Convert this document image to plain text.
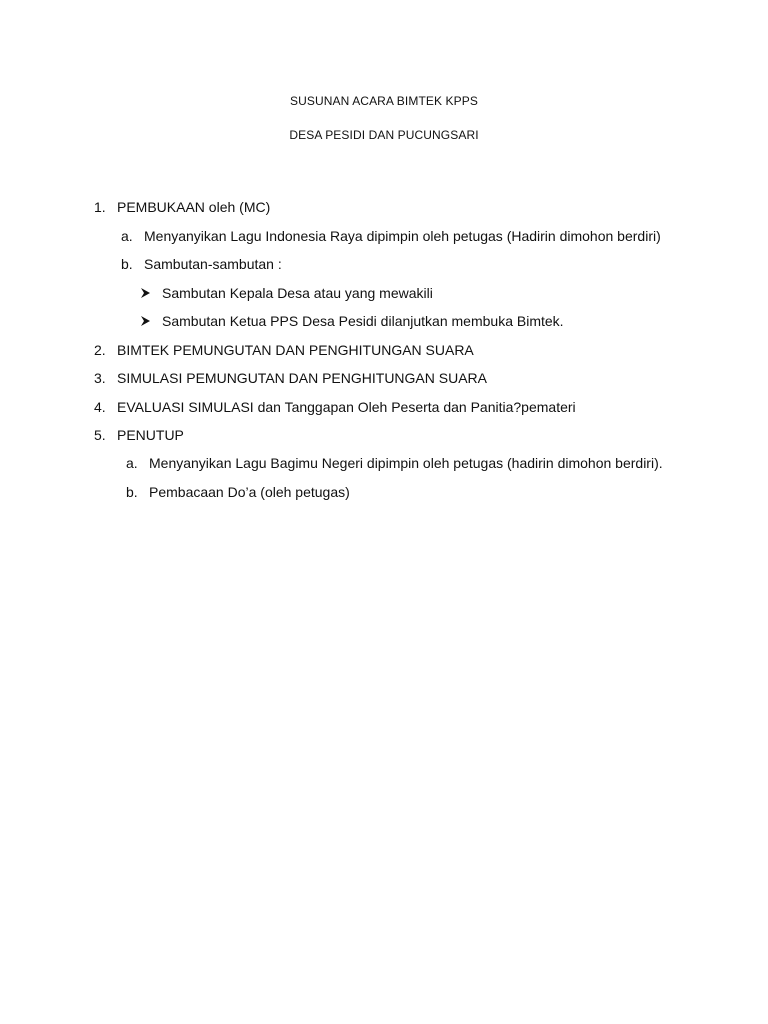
SUSUNAN ACARA BIMTEK KPPS
DESA PESIDI DAN PUCUNGSARI
1. PEMBUKAAN oleh (MC)
a. Menyanyikan Lagu Indonesia Raya dipimpin oleh petugas (Hadirin dimohon berdiri)
b. Sambutan-sambutan :
Sambutan Kepala Desa atau yang mewakili
Sambutan Ketua PPS Desa Pesidi dilanjutkan membuka Bimtek.
2. BIMTEK PEMUNGUTAN DAN PENGHITUNGAN SUARA
3. SIMULASI PEMUNGUTAN DAN PENGHITUNGAN SUARA
4. EVALUASI SIMULASI dan Tanggapan Oleh Peserta dan Panitia?pemateri
5. PENUTUP
a. Menyanyikan Lagu Bagimu Negeri dipimpin oleh petugas (hadirin dimohon berdiri).
b. Pembacaan Do’a (oleh petugas)
